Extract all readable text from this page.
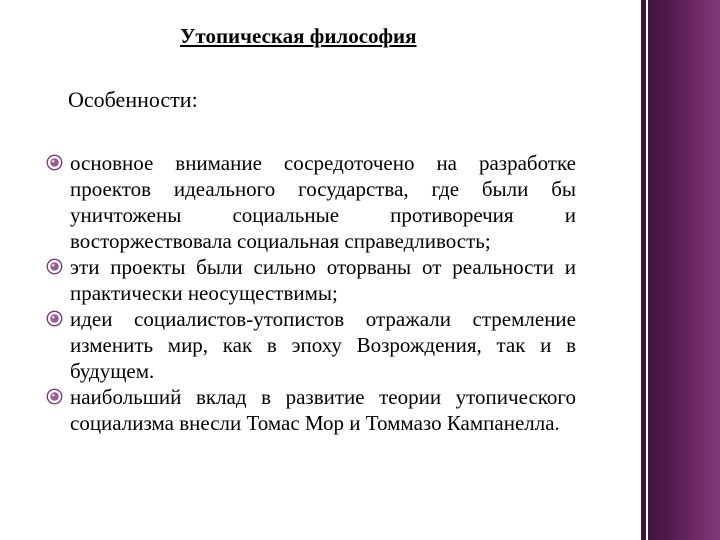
Утопическая философия
Особенности:
основное внимание сосредоточено на разработке проектов идеального государства, где были бы уничтожены социальные противоречия и восторжествовала социальная справедливость;
эти проекты были сильно оторваны от реальности и практически неосуществимы;
идеи социалистов-утопистов отражали стремление изменить мир, как в эпоху Возрождения, так и в будущем.
наибольший вклад в развитие теории утопического социализма внесли Томас Мор и Томмазо Кампанелла.
